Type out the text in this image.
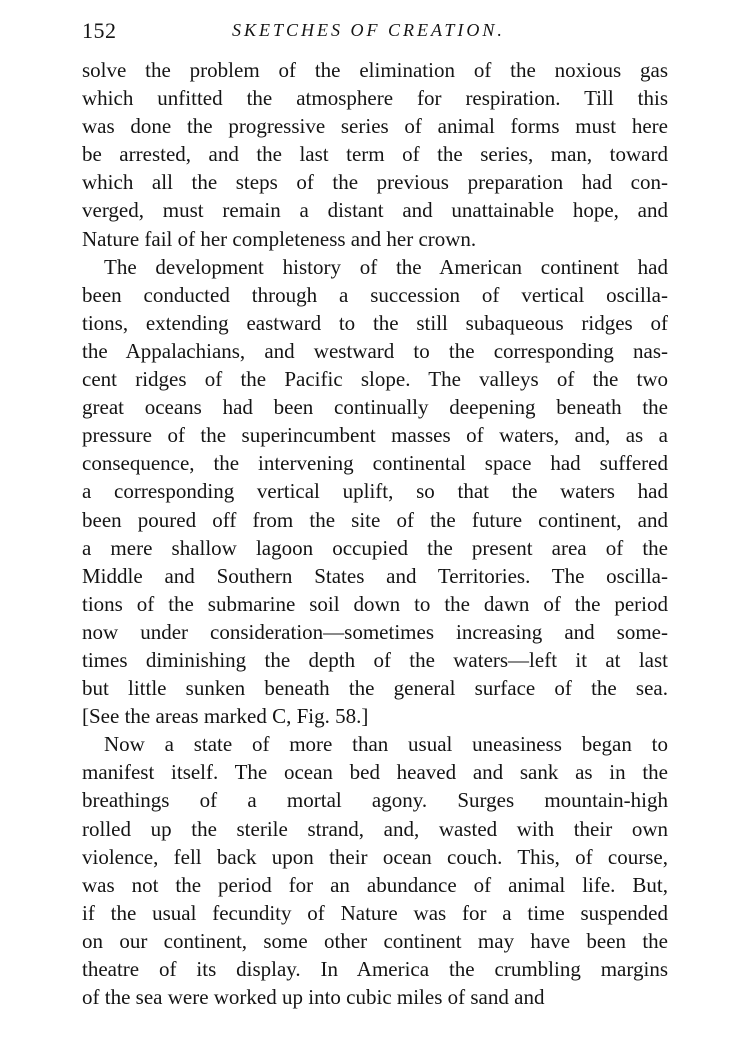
152	SKETCHES OF CREATION.
solve the problem of the elimination of the noxious gas
which unfitted the atmosphere for respiration. Till this
was done the progressive series of animal forms must here
be arrested, and the last term of the series, man, toward
which all the steps of the previous preparation had con-
verged, must remain a distant and unattainable hope, and
Nature fail of her completeness and her crown.
The development history of the American continent had
been conducted through a succession of vertical oscilla-
tions, extending eastward to the still subaqueous ridges of
the Appalachians, and westward to the corresponding nas-
cent ridges of the Pacific slope. The valleys of the two
great oceans had been continually deepening beneath the
pressure of the superincumbent masses of waters, and, as a
consequence, the intervening continental space had suffered
a corresponding vertical uplift, so that the waters had
been poured off from the site of the future continent, and
a mere shallow lagoon occupied the present area of the
Middle and Southern States and Territories. The oscilla-
tions of the submarine soil down to the dawn of the period
now under consideration—sometimes increasing and some-
times diminishing the depth of the waters—left it at last
but little sunken beneath the general surface of the sea.
[See the areas marked C, Fig. 58.]
Now a state of more than usual uneasiness began to
manifest itself. The ocean bed heaved and sank as in the
breathings of a mortal agony. Surges mountain-high
rolled up the sterile strand, and, wasted with their own
violence, fell back upon their ocean couch. This, of course,
was not the period for an abundance of animal life. But,
if the usual fecundity of Nature was for a time suspended
on our continent, some other continent may have been the
theatre of its display. In America the crumbling margins
of the sea were worked up into cubic miles of sand and
